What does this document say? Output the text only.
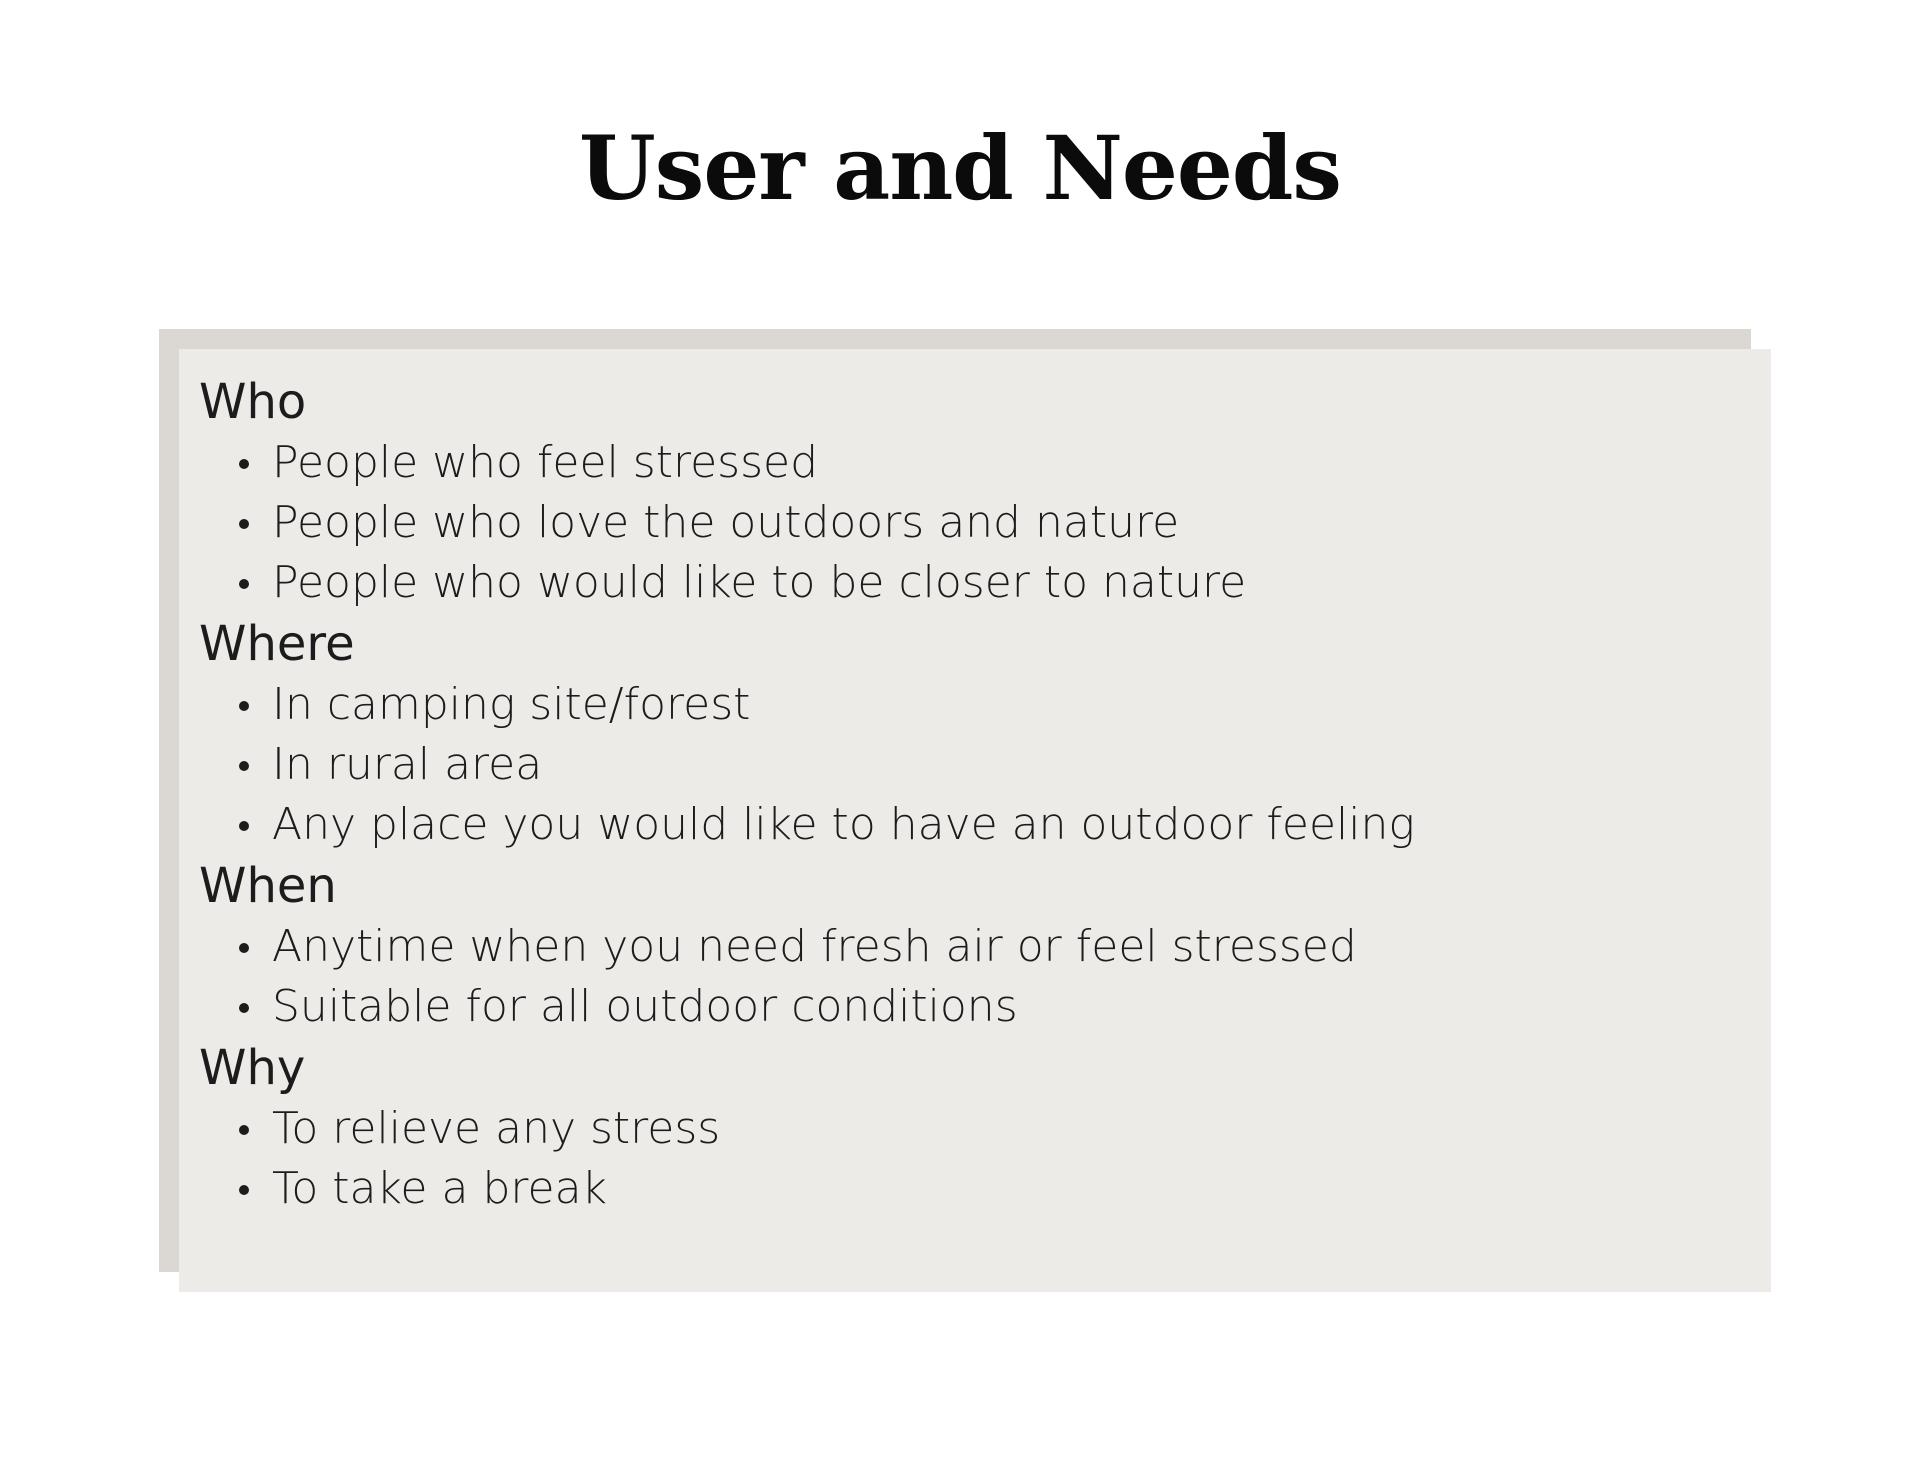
User and Needs
Who
People who feel stressed
People who love the outdoors and nature
People who would like to be closer to nature
Where
In camping site/forest
In rural area
Any place you would like to have an outdoor feeling
When
Anytime when you need fresh air or feel stressed
Suitable for all outdoor conditions
Why
To relieve any stress
To take a break
